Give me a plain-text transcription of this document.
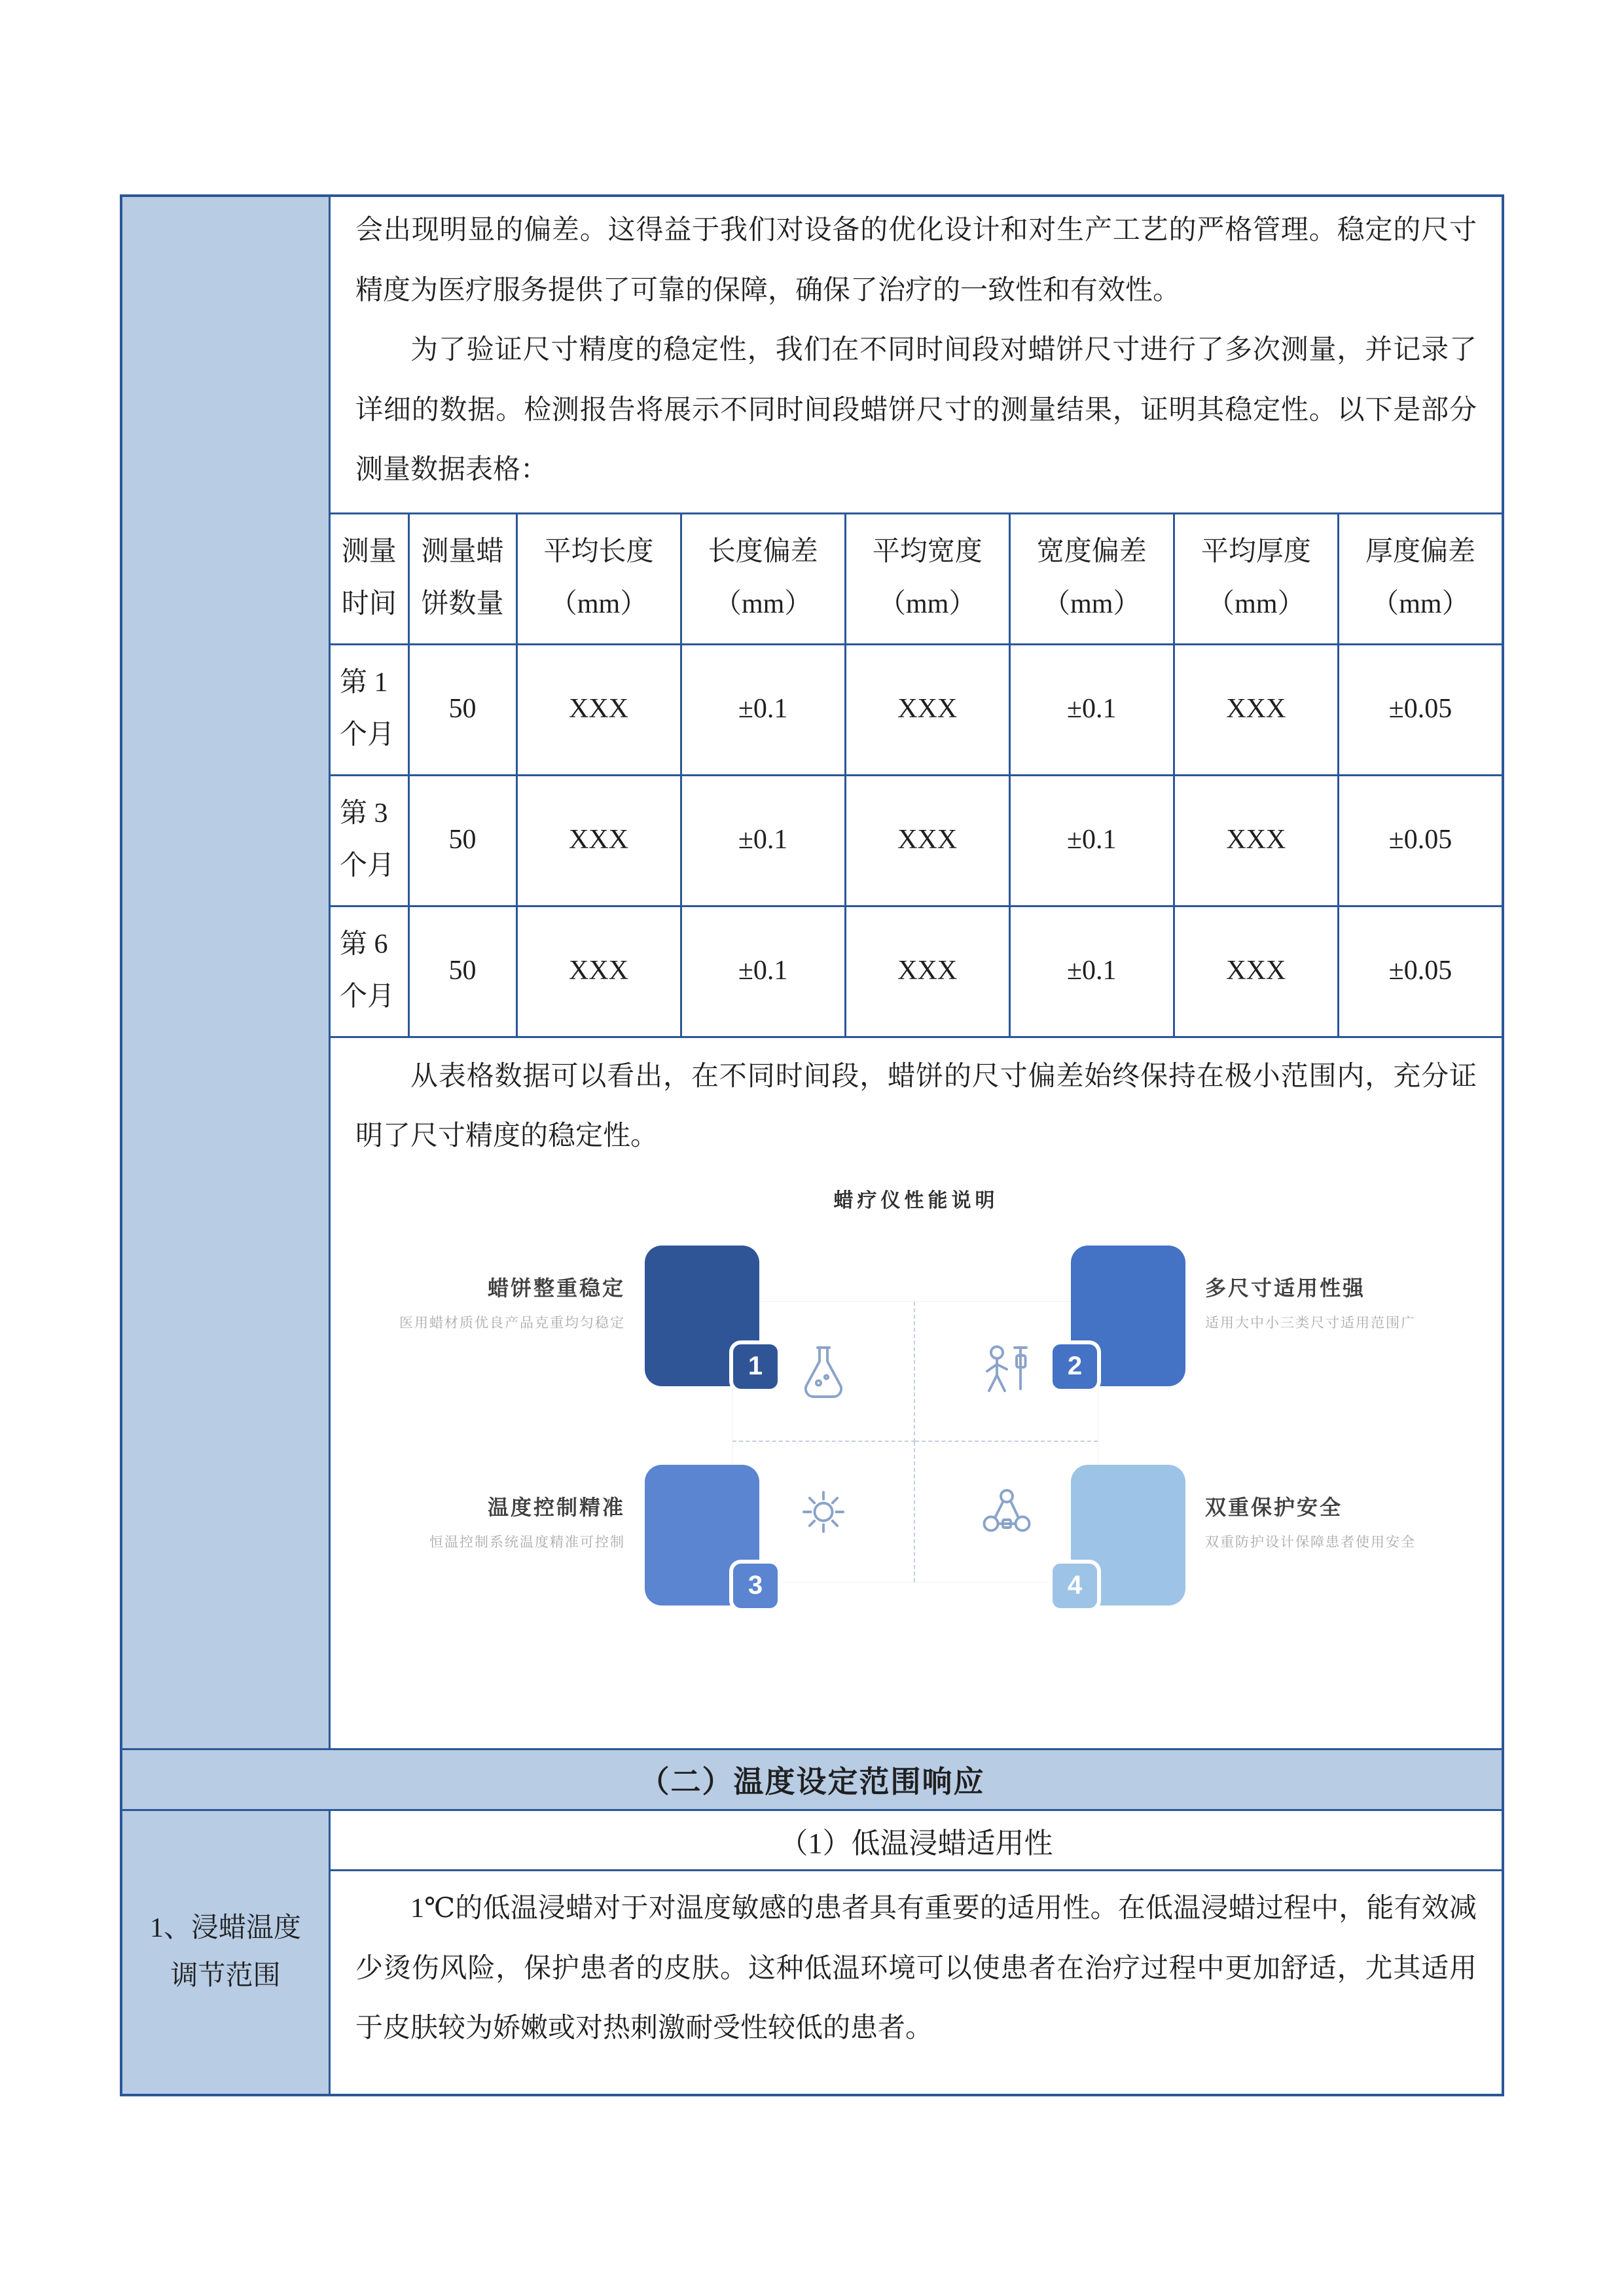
会出现明显的偏差。这得益于我们对设备的优化设计和对生产工艺的严格管理。稳定的尺寸精度为医疗服务提供了可靠的保障，确保了治疗的一致性和有效性。

为了验证尺寸精度的稳定性，我们在不同时间段对蜡饼尺寸进行了多次测量，并记录了详细的数据。检测报告将展示不同时间段蜡饼尺寸的测量结果，证明其稳定性。以下是部分测量数据表格：

测量时间	测量蜡饼数量	平均长度（mm）	长度偏差（mm）	平均宽度（mm）	宽度偏差（mm）	平均厚度（mm）	厚度偏差（mm）
第 1 个月	50	XXX	±0.1	XXX	±0.1	XXX	±0.05
第 3 个月	50	XXX	±0.1	XXX	±0.1	XXX	±0.05
第 6 个月	50	XXX	±0.1	XXX	±0.1	XXX	±0.05

从表格数据可以看出，在不同时间段，蜡饼的尺寸偏差始终保持在极小范围内，充分证明了尺寸精度的稳定性。

蜡疗仪性能说明
1	2
3	4
蜡饼整重稳定
医用蜡材质优良产品克重均匀稳定
多尺寸适用性强
适用大中小三类尺寸适用范围广
温度控制精准
恒温控制系统温度精准可控制
双重保护安全
双重防护设计保障患者使用安全
（二）温度设定范围响应
1、浸蜡温度调节范围
（1）低温浸蜡适用性

1℃的低温浸蜡对于对温度敏感的患者具有重要的适用性。在低温浸蜡过程中，能有效减少烫伤风险，保护患者的皮肤。这种低温环境可以使患者在治疗过程中更加舒适，尤其适用于皮肤较为娇嫩或对热刺激耐受性较低的患者。
